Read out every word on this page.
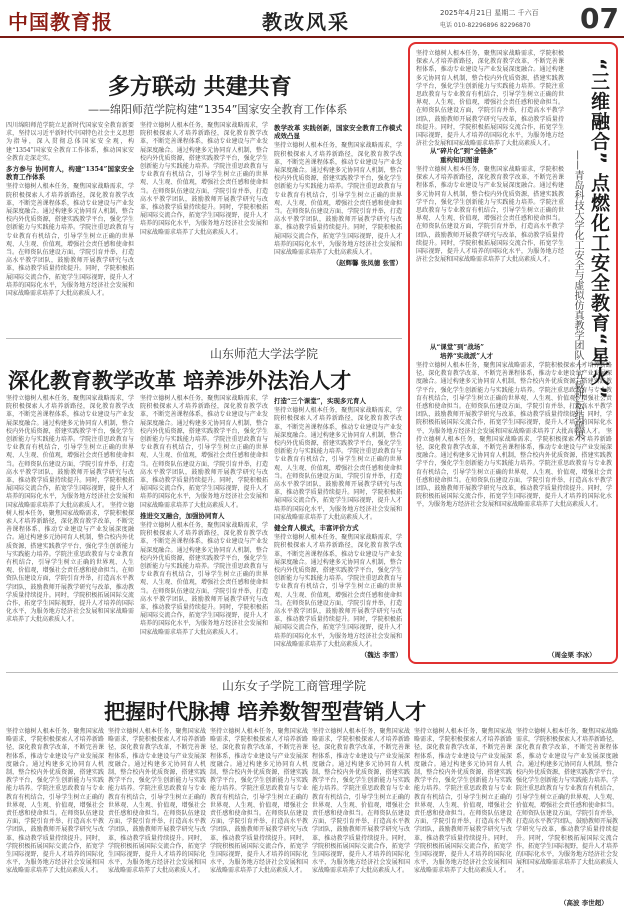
中国教育报	教改风采	2025年4月21日 星期二 千六百
电话 010-82296896 82296870 07
多方联动 共建共育
——绵阳师范学院构建“1354”国家安全教育工作体系
四川绵阳师范学院立足新时代国家安全教育新要求，坚持以习近平新时代中国特色社会主义思想为指导，深入贯彻总体国家安全观，构建“1354”国家安全教育工作体系，推动国家安全教育走深走实。
多方参与 协同育人，构建“1354”国家安全教育工作体系
坚持立德树人根本任务，聚焦国家战略需求，学院积极探索人才培养新路径，深化教育教学改革，不断完善课程体系，推动专业建设与产业发展深度融合。通过构建多元协同育人机制，整合校内外优质资源，搭建实践教学平台，强化学生创新能力与实践能力培养。学院注重思政教育与专业教育有机结合，引导学生树立正确的世界观、人生观、价值观，增强社会责任感和使命担当。在师资队伍建设方面，学院引育并举，打造高水平教学团队，鼓励教师开展教学研究与改革，推动教学质量持续提升。同时，学院积极拓展国际交流合作，拓宽学生国际视野，提升人才培养的国际化水平，为服务地方经济社会发展和国家战略需求培养了大批高素质人才。
坚持立德树人根本任务，聚焦国家战略需求，学院积极探索人才培养新路径，深化教育教学改革，不断完善课程体系，推动专业建设与产业发展深度融合。通过构建多元协同育人机制，整合校内外优质资源，搭建实践教学平台，强化学生创新能力与实践能力培养。学院注重思政教育与专业教育有机结合，引导学生树立正确的世界观、人生观、价值观，增强社会责任感和使命担当。在师资队伍建设方面，学院引育并举，打造高水平教学团队，鼓励教师开展教学研究与改革，推动教学质量持续提升。同时，学院积极拓展国际交流合作，拓宽学生国际视野，提升人才培养的国际化水平，为服务地方经济社会发展和国家战略需求培养了大批高素质人才。
教学改革 实践创新，国家安全教育工作模式成效凸显
坚持立德树人根本任务，聚焦国家战略需求，学院积极探索人才培养新路径，深化教育教学改革，不断完善课程体系，推动专业建设与产业发展深度融合。通过构建多元协同育人机制，整合校内外优质资源，搭建实践教学平台，强化学生创新能力与实践能力培养。学院注重思政教育与专业教育有机结合，引导学生树立正确的世界观、人生观、价值观，增强社会责任感和使命担当。在师资队伍建设方面，学院引育并举，打造高水平教学团队，鼓励教师开展教学研究与改革，推动教学质量持续提升。同时，学院积极拓展国际交流合作，拓宽学生国际视野，提升人才培养的国际化水平，为服务地方经济社会发展和国家战略需求培养了大批高素质人才。
（赵辉馨 张凤德 张雪）
山东师范大学法学院
深化教育教学改革 培养涉外法治人才
坚持立德树人根本任务，聚焦国家战略需求，学院积极探索人才培养新路径，深化教育教学改革，不断完善课程体系，推动专业建设与产业发展深度融合。通过构建多元协同育人机制，整合校内外优质资源，搭建实践教学平台，强化学生创新能力与实践能力培养。学院注重思政教育与专业教育有机结合，引导学生树立正确的世界观、人生观、价值观，增强社会责任感和使命担当。在师资队伍建设方面，学院引育并举，打造高水平教学团队，鼓励教师开展教学研究与改革，推动教学质量持续提升。同时，学院积极拓展国际交流合作，拓宽学生国际视野，提升人才培养的国际化水平，为服务地方经济社会发展和国家战略需求培养了大批高素质人才。 坚持立德树人根本任务，聚焦国家战略需求，学院积极探索人才培养新路径，深化教育教学改革，不断完善课程体系，推动专业建设与产业发展深度融合。通过构建多元协同育人机制，整合校内外优质资源，搭建实践教学平台，强化学生创新能力与实践能力培养。学院注重思政教育与专业教育有机结合，引导学生树立正确的世界观、人生观、价值观，增强社会责任感和使命担当。在师资队伍建设方面，学院引育并举，打造高水平教学团队，鼓励教师开展教学研究与改革，推动教学质量持续提升。同时，学院积极拓展国际交流合作，拓宽学生国际视野，提升人才培养的国际化水平，为服务地方经济社会发展和国家战略需求培养了大批高素质人才。
坚持立德树人根本任务，聚焦国家战略需求，学院积极探索人才培养新路径，深化教育教学改革，不断完善课程体系，推动专业建设与产业发展深度融合。通过构建多元协同育人机制，整合校内外优质资源，搭建实践教学平台，强化学生创新能力与实践能力培养。学院注重思政教育与专业教育有机结合，引导学生树立正确的世界观、人生观、价值观，增强社会责任感和使命担当。在师资队伍建设方面，学院引育并举，打造高水平教学团队，鼓励教师开展教学研究与改革，推动教学质量持续提升。同时，学院积极拓展国际交流合作，拓宽学生国际视野，提升人才培养的国际化水平，为服务地方经济社会发展和国家战略需求培养了大批高素质人才。
推进交叉融合，加强协同育人
坚持立德树人根本任务，聚焦国家战略需求，学院积极探索人才培养新路径，深化教育教学改革，不断完善课程体系，推动专业建设与产业发展深度融合。通过构建多元协同育人机制，整合校内外优质资源，搭建实践教学平台，强化学生创新能力与实践能力培养。学院注重思政教育与专业教育有机结合，引导学生树立正确的世界观、人生观、价值观，增强社会责任感和使命担当。在师资队伍建设方面，学院引育并举，打造高水平教学团队，鼓励教师开展教学研究与改革，推动教学质量持续提升。同时，学院积极拓展国际交流合作，拓宽学生国际视野，提升人才培养的国际化水平，为服务地方经济社会发展和国家战略需求培养了大批高素质人才。
打造“三个课堂”，实现多元育人
坚持立德树人根本任务，聚焦国家战略需求，学院积极探索人才培养新路径，深化教育教学改革，不断完善课程体系，推动专业建设与产业发展深度融合。通过构建多元协同育人机制，整合校内外优质资源，搭建实践教学平台，强化学生创新能力与实践能力培养。学院注重思政教育与专业教育有机结合，引导学生树立正确的世界观、人生观、价值观，增强社会责任感和使命担当。在师资队伍建设方面，学院引育并举，打造高水平教学团队，鼓励教师开展教学研究与改革，推动教学质量持续提升。同时，学院积极拓展国际交流合作，拓宽学生国际视野，提升人才培养的国际化水平，为服务地方经济社会发展和国家战略需求培养了大批高素质人才。
健全育人模式，丰富评价方式
坚持立德树人根本任务，聚焦国家战略需求，学院积极探索人才培养新路径，深化教育教学改革，不断完善课程体系，推动专业建设与产业发展深度融合。通过构建多元协同育人机制，整合校内外优质资源，搭建实践教学平台，强化学生创新能力与实践能力培养。学院注重思政教育与专业教育有机结合，引导学生树立正确的世界观、人生观、价值观，增强社会责任感和使命担当。在师资队伍建设方面，学院引育并举，打造高水平教学团队，鼓励教师开展教学研究与改革，推动教学质量持续提升。同时，学院积极拓展国际交流合作，拓宽学生国际视野，提升人才培养的国际化水平，为服务地方经济社会发展和国家战略需求培养了大批高素质人才。
（魏达 李雪）
坚持立德树人根本任务，聚焦国家战略需求，学院积极探索人才培养新路径，深化教育教学改革，不断完善课程体系，推动专业建设与产业发展深度融合。通过构建多元协同育人机制，整合校内外优质资源，搭建实践教学平台，强化学生创新能力与实践能力培养。学院注重思政教育与专业教育有机结合，引导学生树立正确的世界观、人生观、价值观，增强社会责任感和使命担当。在师资队伍建设方面，学院引育并举，打造高水平教学团队，鼓励教师开展教学研究与改革，推动教学质量持续提升。同时，学院积极拓展国际交流合作，拓宽学生国际视野，提升人才培养的国际化水平，为服务地方经济社会发展和国家战略需求培养了大批高素质人才。
从“碎片化”到“全链条”
重构知识图谱
坚持立德树人根本任务，聚焦国家战略需求，学院积极探索人才培养新路径，深化教育教学改革，不断完善课程体系，推动专业建设与产业发展深度融合。通过构建多元协同育人机制，整合校内外优质资源，搭建实践教学平台，强化学生创新能力与实践能力培养。学院注重思政教育与专业教育有机结合，引导学生树立正确的世界观、人生观、价值观，增强社会责任感和使命担当。在师资队伍建设方面，学院引育并举，打造高水平教学团队，鼓励教师开展教学研究与改革，推动教学质量持续提升。同时，学院积极拓展国际交流合作，拓宽学生国际视野，提升人才培养的国际化水平，为服务地方经济社会发展和国家战略需求培养了大批高素质人才。
从“课堂”到“战场”
培养“实战派”人才
坚持立德树人根本任务，聚焦国家战略需求，学院积极探索人才培养新路径，深化教育教学改革，不断完善课程体系，推动专业建设与产业发展深度融合。通过构建多元协同育人机制，整合校内外优质资源，搭建实践教学平台，强化学生创新能力与实践能力培养。学院注重思政教育与专业教育有机结合，引导学生树立正确的世界观、人生观、价值观，增强社会责任感和使命担当。在师资队伍建设方面，学院引育并举，打造高水平教学团队，鼓励教师开展教学研究与改革，推动教学质量持续提升。同时，学院积极拓展国际交流合作，拓宽学生国际视野，提升人才培养的国际化水平，为服务地方经济社会发展和国家战略需求培养了大批高素质人才。 坚持立德树人根本任务，聚焦国家战略需求，学院积极探索人才培养新路径，深化教育教学改革，不断完善课程体系，推动专业建设与产业发展深度融合。通过构建多元协同育人机制，整合校内外优质资源，搭建实践教学平台，强化学生创新能力与实践能力培养。学院注重思政教育与专业教育有机结合，引导学生树立正确的世界观、人生观、价值观，增强社会责任感和使命担当。在师资队伍建设方面，学院引育并举，打造高水平教学团队，鼓励教师开展教学研究与改革，推动教学质量持续提升。同时，学院积极拓展国际交流合作，拓宽学生国际视野，提升人才培养的国际化水平，为服务地方经济社会发展和国家战略需求培养了大批高素质人才。
（周金栗 李冰）
“三维融合” 点燃化工安全教育“星火”
——青岛科技大学化工安全与虚拟仿真教学团队十五载耕耘结硕果
山东女子学院工商管理学院
把握时代脉搏 培养数智型营销人才
坚持立德树人根本任务，聚焦国家战略需求，学院积极探索人才培养新路径，深化教育教学改革，不断完善课程体系，推动专业建设与产业发展深度融合。通过构建多元协同育人机制，整合校内外优质资源，搭建实践教学平台，强化学生创新能力与实践能力培养。学院注重思政教育与专业教育有机结合，引导学生树立正确的世界观、人生观、价值观，增强社会责任感和使命担当。在师资队伍建设方面，学院引育并举，打造高水平教学团队，鼓励教师开展教学研究与改革，推动教学质量持续提升。同时，学院积极拓展国际交流合作，拓宽学生国际视野，提升人才培养的国际化水平，为服务地方经济社会发展和国家战略需求培养了大批高素质人才。
坚持立德树人根本任务，聚焦国家战略需求，学院积极探索人才培养新路径，深化教育教学改革，不断完善课程体系，推动专业建设与产业发展深度融合。通过构建多元协同育人机制，整合校内外优质资源，搭建实践教学平台，强化学生创新能力与实践能力培养。学院注重思政教育与专业教育有机结合，引导学生树立正确的世界观、人生观、价值观，增强社会责任感和使命担当。在师资队伍建设方面，学院引育并举，打造高水平教学团队，鼓励教师开展教学研究与改革，推动教学质量持续提升。同时，学院积极拓展国际交流合作，拓宽学生国际视野，提升人才培养的国际化水平，为服务地方经济社会发展和国家战略需求培养了大批高素质人才。
坚持立德树人根本任务，聚焦国家战略需求，学院积极探索人才培养新路径，深化教育教学改革，不断完善课程体系，推动专业建设与产业发展深度融合。通过构建多元协同育人机制，整合校内外优质资源，搭建实践教学平台，强化学生创新能力与实践能力培养。学院注重思政教育与专业教育有机结合，引导学生树立正确的世界观、人生观、价值观，增强社会责任感和使命担当。在师资队伍建设方面，学院引育并举，打造高水平教学团队，鼓励教师开展教学研究与改革，推动教学质量持续提升。同时，学院积极拓展国际交流合作，拓宽学生国际视野，提升人才培养的国际化水平，为服务地方经济社会发展和国家战略需求培养了大批高素质人才。
坚持立德树人根本任务，聚焦国家战略需求，学院积极探索人才培养新路径，深化教育教学改革，不断完善课程体系，推动专业建设与产业发展深度融合。通过构建多元协同育人机制，整合校内外优质资源，搭建实践教学平台，强化学生创新能力与实践能力培养。学院注重思政教育与专业教育有机结合，引导学生树立正确的世界观、人生观、价值观，增强社会责任感和使命担当。在师资队伍建设方面，学院引育并举，打造高水平教学团队，鼓励教师开展教学研究与改革，推动教学质量持续提升。同时，学院积极拓展国际交流合作，拓宽学生国际视野，提升人才培养的国际化水平，为服务地方经济社会发展和国家战略需求培养了大批高素质人才。
坚持立德树人根本任务，聚焦国家战略需求，学院积极探索人才培养新路径，深化教育教学改革，不断完善课程体系，推动专业建设与产业发展深度融合。通过构建多元协同育人机制，整合校内外优质资源，搭建实践教学平台，强化学生创新能力与实践能力培养。学院注重思政教育与专业教育有机结合，引导学生树立正确的世界观、人生观、价值观，增强社会责任感和使命担当。在师资队伍建设方面，学院引育并举，打造高水平教学团队，鼓励教师开展教学研究与改革，推动教学质量持续提升。同时，学院积极拓展国际交流合作，拓宽学生国际视野，提升人才培养的国际化水平，为服务地方经济社会发展和国家战略需求培养了大批高素质人才。
坚持立德树人根本任务，聚焦国家战略需求，学院积极探索人才培养新路径，深化教育教学改革，不断完善课程体系，推动专业建设与产业发展深度融合。通过构建多元协同育人机制，整合校内外优质资源，搭建实践教学平台，强化学生创新能力与实践能力培养。学院注重思政教育与专业教育有机结合，引导学生树立正确的世界观、人生观、价值观，增强社会责任感和使命担当。在师资队伍建设方面，学院引育并举，打造高水平教学团队，鼓励教师开展教学研究与改革，推动教学质量持续提升。同时，学院积极拓展国际交流合作，拓宽学生国际视野，提升人才培养的国际化水平，为服务地方经济社会发展和国家战略需求培养了大批高素质人才。
（高波 李世超）
